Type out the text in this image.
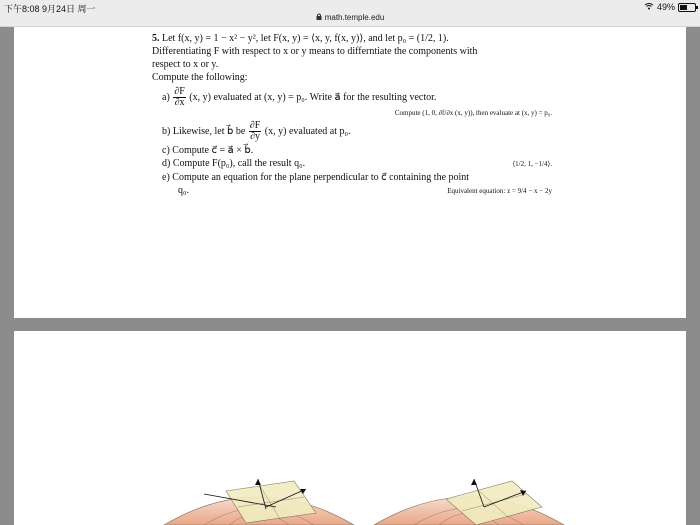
下午8:08 9月24日 周一	49%
math.temple.edu

5. Let f(x, y) = 1 − x² − y², let F(x, y) = ⟨x, y, f(x, y)⟩, and let p₀ = (1/2, 1).

Differentiating F with respect to x or y means to differntiate the components with

respect to x or y.

Compute the following:

$a) \frac{\partial F}{\partial x} (x$, y) evaluated at (x, y) = p₀. Write a⃗ for the resulting vector.
Compute (1, 0, ∂f/∂x (x, y)), then evaluate at (x, y) = p₀.
b) Likewise, let b⃗ be $\frac{\partial F}{\partial y} (x$, y) evaluated at p₀.
c) Compute c⃗ = a⃗ × b⃗.
d) Compute F(p₀), call the result q₀.	⟨1/2, 1, −1/4⟩.
e) Compute an equation for the plane perpendicular to c⃗ containing the point
q₀.	Equivalent equation: z = 9/4 − x − 2y
